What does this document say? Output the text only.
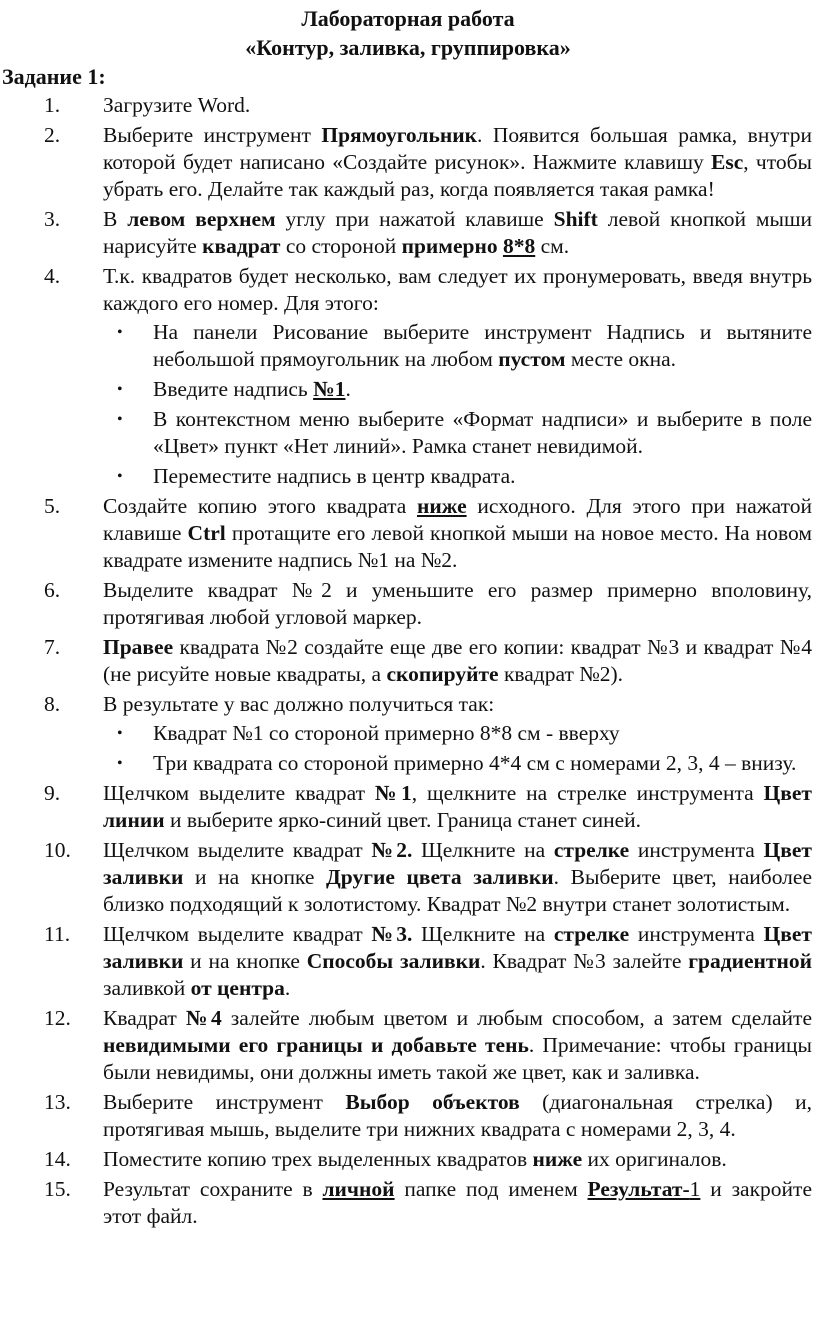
Лабораторная работа

«Контур, заливка, группировка»

Задание 1:

1.	Загрузите Word.
2.	Выберите инструмент Прямоугольник. Появится большая рамка, внутри которой будет написано «Создайте рисунок». Нажмите клавишу Esc, чтобы убрать его. Делайте так каждый раз, когда появляется такая рамка!
3.	В левом верхнем углу при нажатой клавише Shift левой кнопкой мыши нарисуйте квадрат со стороной примерно 8*8 см.
4.	Т.к. квадратов будет несколько, вам следует их пронумеровать, введя внутрь каждого его номер. Для этого:
• На панели Рисование выберите инструмент Надпись и вытяните небольшой прямоугольник на любом пустом месте окна.
• Введите надпись №1.
• В контекстном меню выберите «Формат надписи» и выберите в поле «Цвет» пункт «Нет линий». Рамка станет невидимой.
• Переместите надпись в центр квадрата.
5.	Создайте копию этого квадрата ниже исходного. Для этого при нажатой клавише Ctrl протащите его левой кнопкой мыши на новое место. На новом квадрате измените надпись №1 на №2.
6.	Выделите квадрат №2 и уменьшите его размер примерно вполовину, протягивая любой угловой маркер.
7.	Правее квадрата №2 создайте еще две его копии: квадрат №3 и квадрат №4 (не рисуйте новые квадраты, а скопируйте квадрат №2).
8.	В результате у вас должно получиться так:
• Квадрат №1 со стороной примерно 8*8 см - вверху
• Три квадрата со стороной примерно 4*4 см с номерами 2, 3, 4 – внизу.
9.	Щелчком выделите квадрат №1, щелкните на стрелке инструмента Цвет линии и выберите ярко-синий цвет. Граница станет синей.
10.	Щелчком выделите квадрат №2. Щелкните на стрелке инструмента Цвет заливки и на кнопке Другие цвета заливки. Выберите цвет, наиболее близко подходящий к золотистому. Квадрат №2 внутри станет золотистым.
11.	Щелчком выделите квадрат №3. Щелкните на стрелке инструмента Цвет заливки и на кнопке Способы заливки. Квадрат №3 залейте градиентной заливкой от центра.
12.	Квадрат №4 залейте любым цветом и любым способом, а затем сделайте невидимыми его границы и добавьте тень. Примечание: чтобы границы были невидимы, они должны иметь такой же цвет, как и заливка.
13.	Выберите инструмент Выбор объектов (диагональная стрелка) и, протягивая мышь, выделите три нижних квадрата с номерами 2, 3, 4.
14.	Поместите копию трех выделенных квадратов ниже их оригиналов.
15.	Результат сохраните в личной папке под именем Результат-1 и закройте этот файл.
